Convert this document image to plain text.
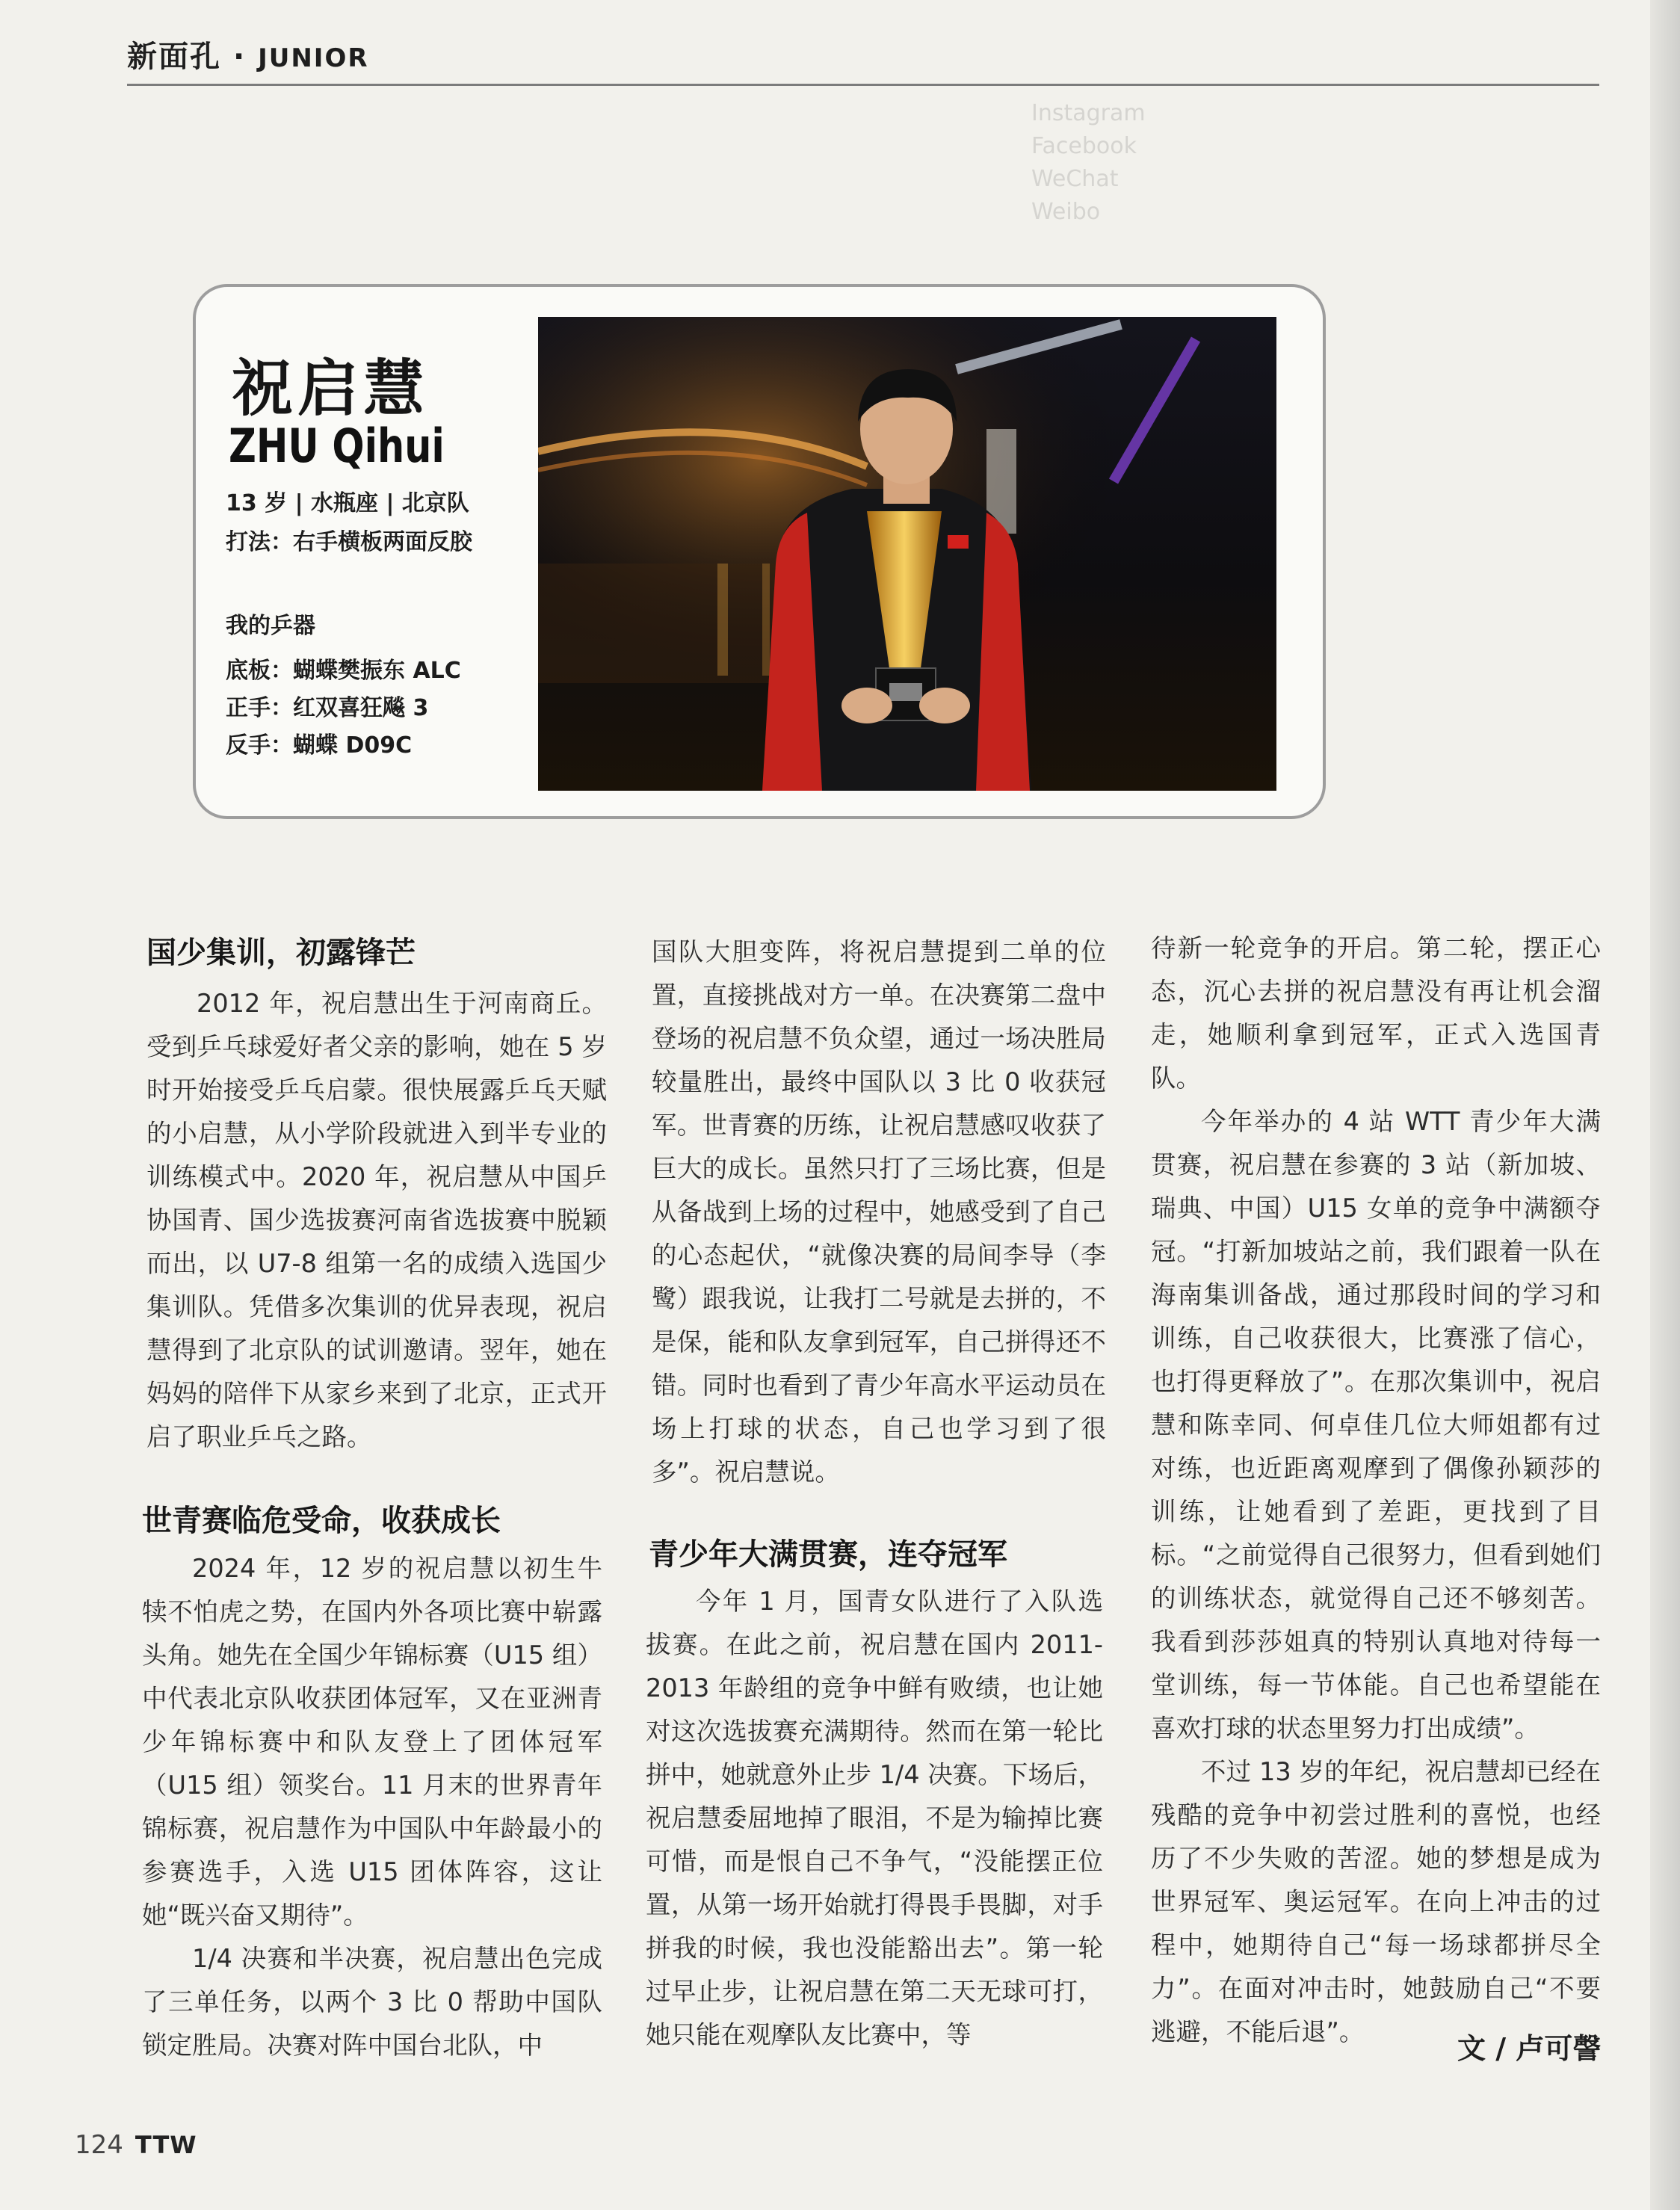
新面孔 · JUNIOR
Instagram
Facebook
WeChat
Weibo
祝启慧
ZHU Qihui
13 岁 | 水瓶座 | 北京队
打法：右手横板两面反胶
我的乒器
底板：蝴蝶樊振东 ALC
正手：红双喜狂飚 3
反手：蝴蝶 D09C
国少集训，初露锋芒

2012 年，祝启慧出生于河南商丘。受到乒乓球爱好者父亲的影响，她在 5 岁时开始接受乒乓启蒙。很快展露乒乓天赋的小启慧，从小学阶段就进入到半专业的训练模式中。2020 年，祝启慧从中国乒协国青、国少选拔赛河南省选拔赛中脱颖而出，以 U7-8 组第一名的成绩入选国少集训队。凭借多次集训的优异表现，祝启慧得到了北京队的试训邀请。翌年，她在妈妈的陪伴下从家乡来到了北京，正式开启了职业乒乓之路。

世青赛临危受命，收获成长

2024 年，12 岁的祝启慧以初生牛犊不怕虎之势，在国内外各项比赛中崭露头角。她先在全国少年锦标赛（U15 组）中代表北京队收获团体冠军，又在亚洲青少年锦标赛中和队友登上了团体冠军（U15 组）领奖台。11 月末的世界青年锦标赛，祝启慧作为中国队中年龄最小的参赛选手，入选 U15 团体阵容，这让她“既兴奋又期待”。

1/4 决赛和半决赛，祝启慧出色完成了三单任务，以两个 3 比 0 帮助中国队锁定胜局。决赛对阵中国台北队，中

国队大胆变阵，将祝启慧提到二单的位置，直接挑战对方一单。在决赛第二盘中登场的祝启慧不负众望，通过一场决胜局较量胜出，最终中国队以 3 比 0 收获冠军。世青赛的历练，让祝启慧感叹收获了巨大的成长。虽然只打了三场比赛，但是从备战到上场的过程中，她感受到了自己的心态起伏，“就像决赛的局间李导（李鹭）跟我说，让我打二号就是去拼的，不是保，能和队友拿到冠军，自己拼得还不错。同时也看到了青少年高水平运动员在场上打球的状态，自己也学习到了很多”。祝启慧说。

青少年大满贯赛，连夺冠军

今年 1 月，国青女队进行了入队选拔赛。在此之前，祝启慧在国内 2011-2013 年龄组的竞争中鲜有败绩，也让她对这次选拔赛充满期待。然而在第一轮比拼中，她就意外止步 1/4 决赛。下场后，祝启慧委屈地掉了眼泪，不是为输掉比赛可惜，而是恨自己不争气，“没能摆正位置，从第一场开始就打得畏手畏脚，对手拼我的时候，我也没能豁出去”。第一轮过早止步，让祝启慧在第二天无球可打，她只能在观摩队友比赛中，等

待新一轮竞争的开启。第二轮，摆正心态，沉心去拼的祝启慧没有再让机会溜走，她顺利拿到冠军，正式入选国青队。

今年举办的 4 站 WTT 青少年大满贯赛，祝启慧在参赛的 3 站（新加坡、瑞典、中国）U15 女单的竞争中满额夺冠。“打新加坡站之前，我们跟着一队在海南集训备战，通过那段时间的学习和训练，自己收获很大，比赛涨了信心，也打得更释放了”。在那次集训中，祝启慧和陈幸同、何卓佳几位大师姐都有过对练，也近距离观摩到了偶像孙颖莎的训练，让她看到了差距，更找到了目标。“之前觉得自己很努力，但看到她们的训练状态，就觉得自己还不够刻苦。我看到莎莎姐真的特别认真地对待每一堂训练，每一节体能。自己也希望能在喜欢打球的状态里努力打出成绩”。

不过 13 岁的年纪，祝启慧却已经在残酷的竞争中初尝过胜利的喜悦，也经历了不少失败的苦涩。她的梦想是成为世界冠军、奥运冠军。在向上冲击的过程中，她期待自己“每一场球都拼尽全力”。在面对冲击时，她鼓励自己“不要逃避，不能后退”。

文 / 卢可謦
124 TTW
